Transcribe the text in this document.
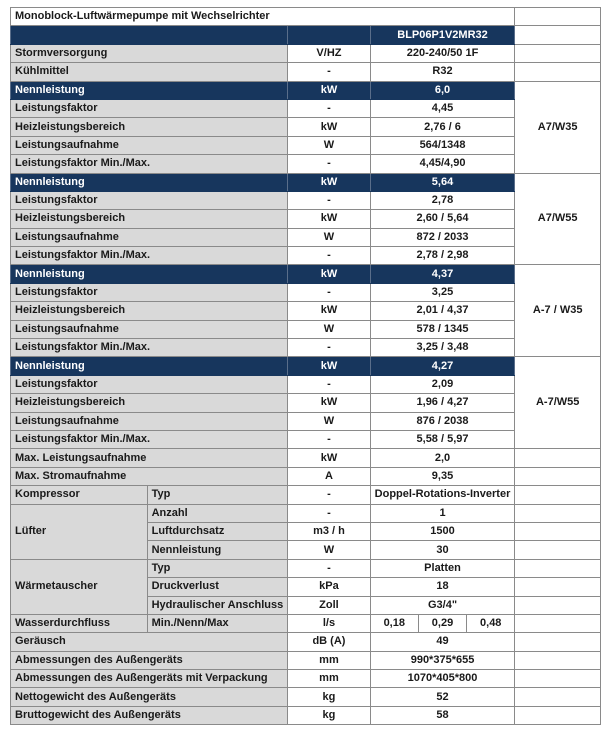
Monoblock-Luftwärmepumpe mit Wechselrichter						
			BLP06P1V2MR32			
Stormversorgung		V/HZ	220-240/50 1F			
Kühlmittel		-	R32			
Nennleistung		kW	6,0			A7/W35
Leistungsfaktor		-	4,45			
Heizleistungsbereich		kW	2,76 / 6			
Leistungsaufnahme		W	564/1348			
Leistungsfaktor Min./Max.		-	4,45/4,90			
Nennleistung		kW	5,64			A7/W55
Leistungsfaktor		-	2,78			
Heizleistungsbereich		kW	2,60 / 5,64			
Leistungsaufnahme		W	872 / 2033			
Leistungsfaktor Min./Max.		-	2,78 / 2,98			
Nennleistung		kW	4,37			A-7 / W35
Leistungsfaktor		-	3,25			
Heizleistungsbereich		kW	2,01 / 4,37			
Leistungsaufnahme		W	578 / 1345			
Leistungsfaktor Min./Max.		-	3,25 / 3,48			
Nennleistung		kW	4,27			A-7/W55
Leistungsfaktor		-	2,09			
Heizleistungsbereich		kW	1,96 / 4,27			
Leistungsaufnahme		W	876 / 2038			
Leistungsfaktor Min./Max.		-	5,58 / 5,97			
Max. Leistungsaufnahme		kW	2,0			
Max. Stromaufnahme		A	9,35			
Kompressor	Typ	-	Doppel-Rotations-Inverter			
Lüfter	Anzahl	-	1			
	Luftdurchsatz	m3 / h	1500			
	Nennleistung	W	30			
Wärmetauscher	Typ	-	Platten			
	Druckverlust	kPa	18			
	Hydraulischer Anschluss	Zoll	G3/4"			
Wasserdurchfluss	Min./Nenn/Max	l/s	0,18	0,29	0,48	
Geräusch		dB (A)	49			
Abmessungen des Außengeräts		mm	990*375*655			
Abmessungen des Außengeräts mit Verpackung		mm	1070*405*800			
Nettogewicht des Außengeräts		kg	52			
Bruttogewicht des Außengeräts		kg	58			
